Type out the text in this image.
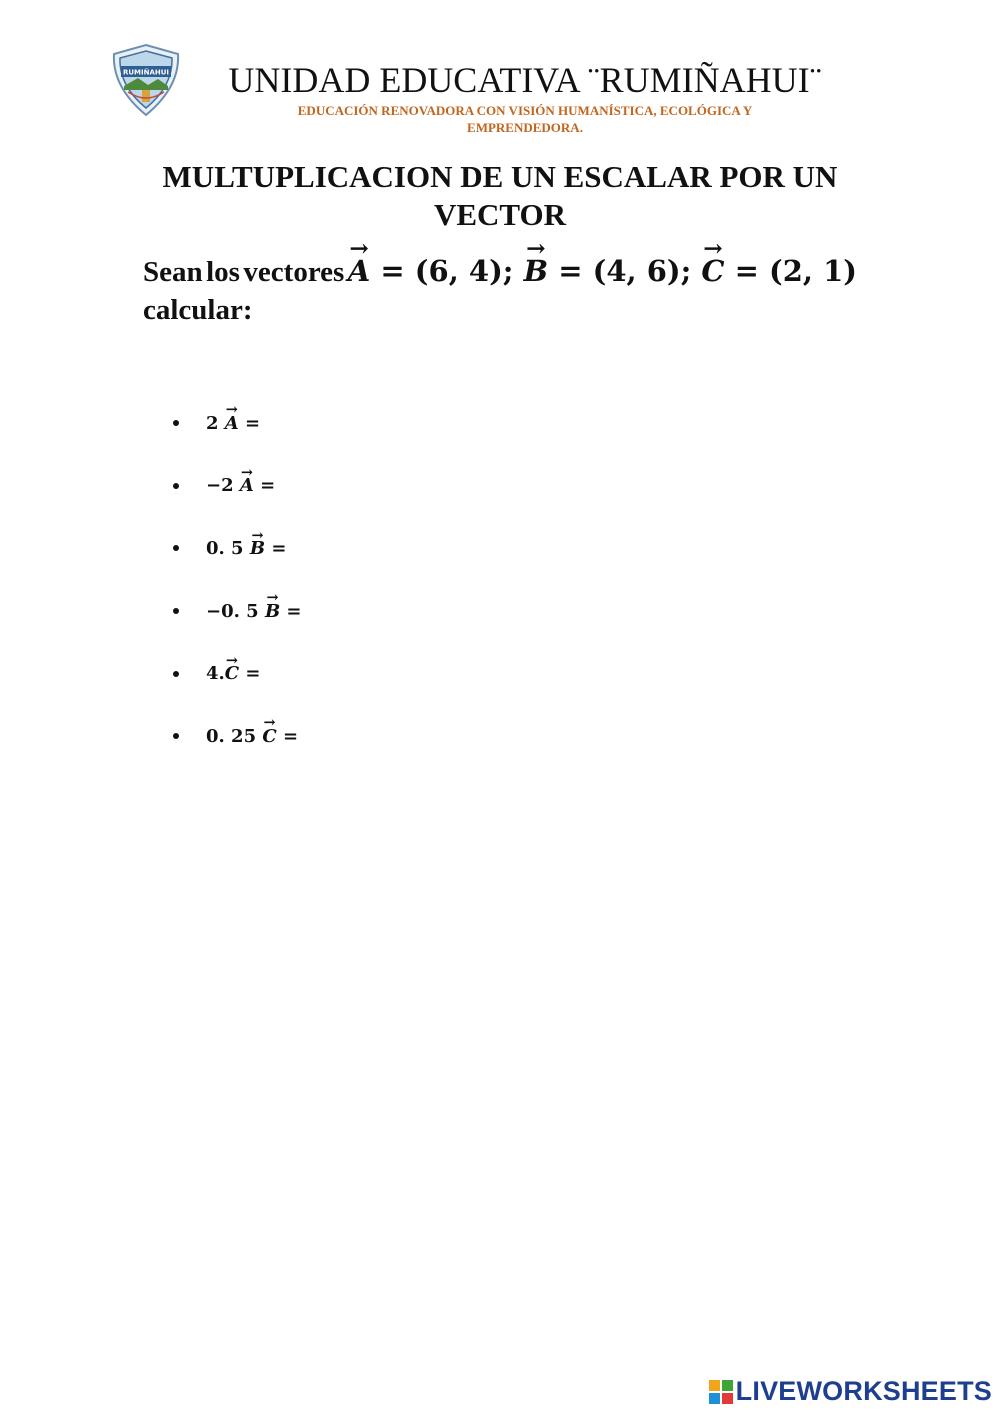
RUMIÑAHUI	UNIDAD EDUCATIVA ¨RUMIÑAHUI¨
EDUCACIÓN RENOVADORA CON VISIÓN HUMANÍSTICA, ECOLÓGICA Y EMPRENDEDORA.
MULTUPLICACION DE UN ESCALAR POR UN VECTOR
Sean los vectores → A = (6, 4); → B = (4, 6); → C = (2, 1)
calcular:
2 → A =
−2 → A =
0. 5 → B =
−0. 5 → B =
4.→ C =
0. 25 → C =
LIVEWORKSHEETS
